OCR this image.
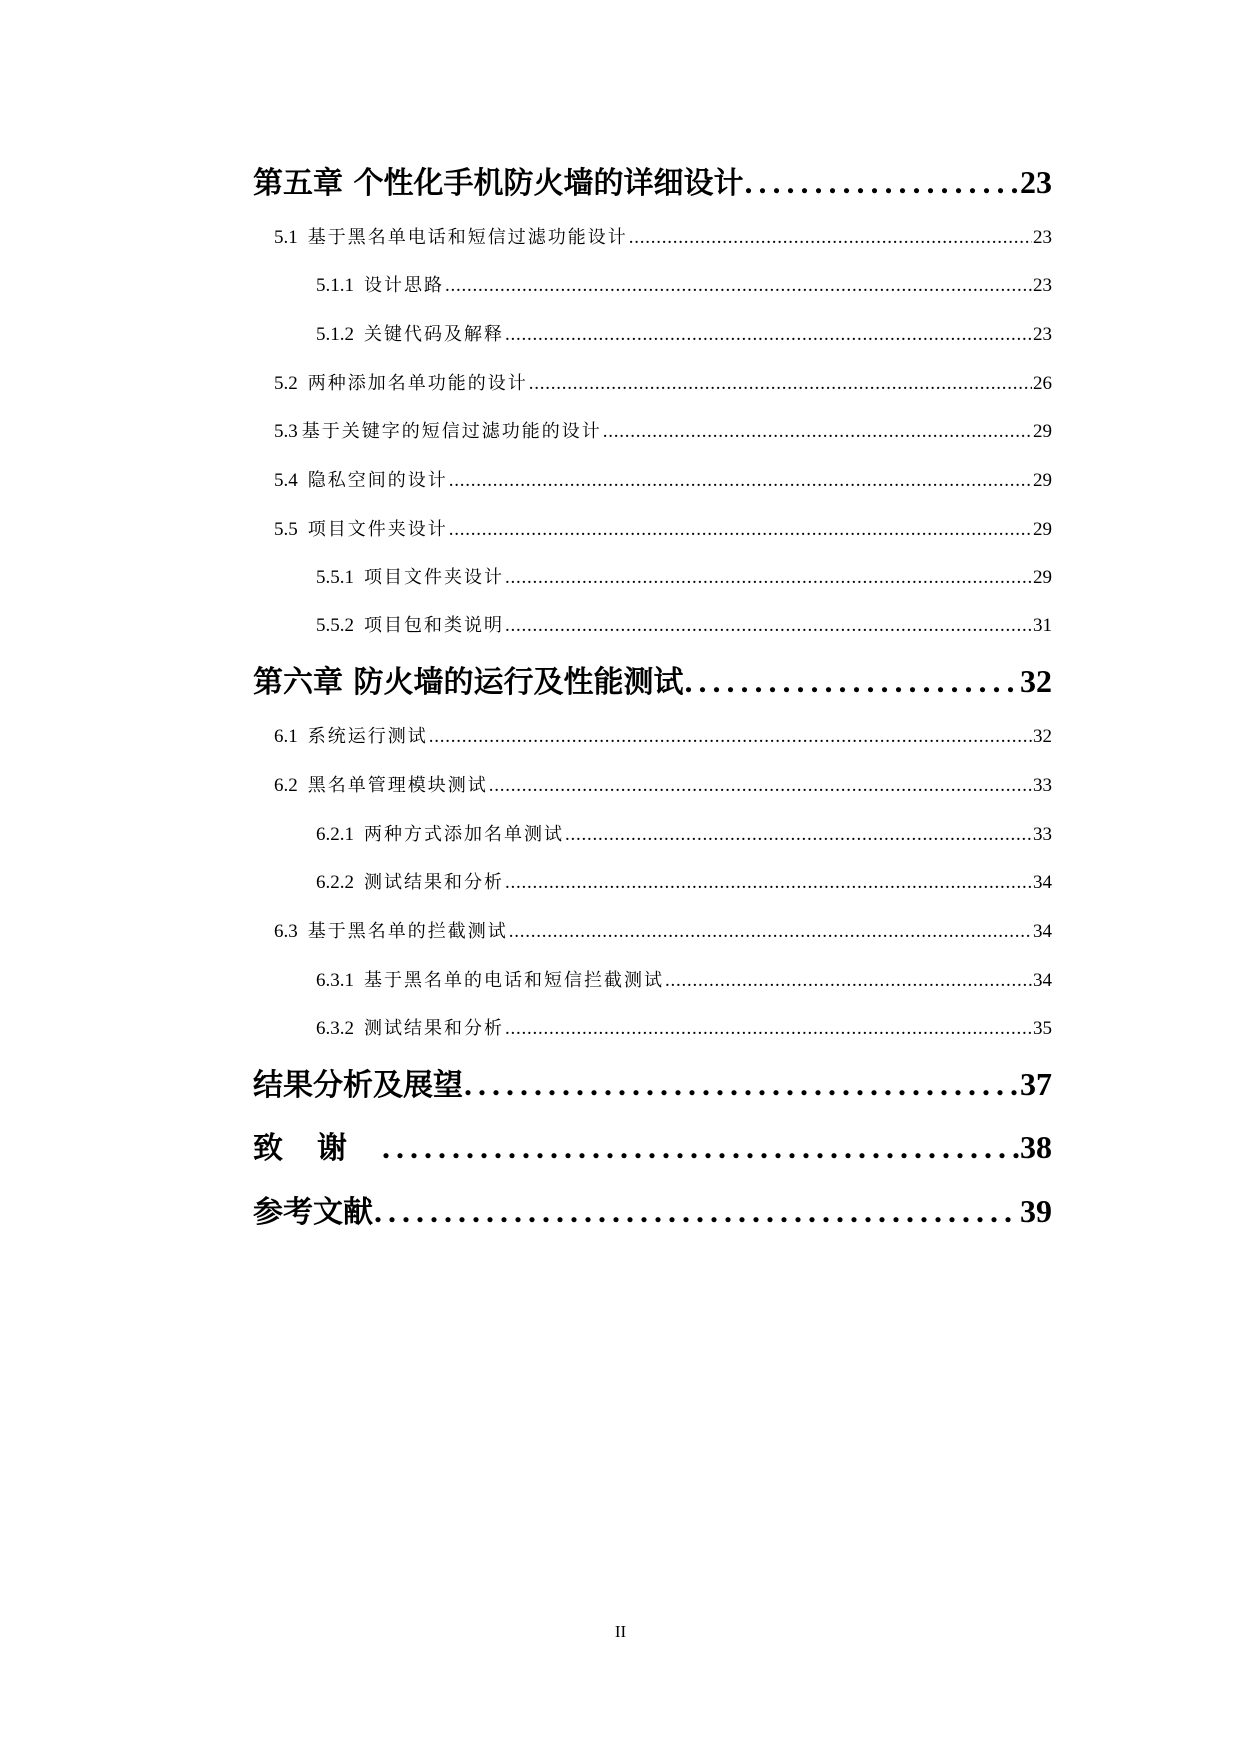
第五章 个性化手机防火墙的详细设计 . . .	23
5.1 基于黑名单电话和短信过滤功能设计 . . .	23
5.1.1 设计思路 . . .	23
5.1.2 关键代码及解释 . . .	23
5.2 两种添加名单功能的设计 . . .	26
5.3 基于关键字的短信过滤功能的设计 . . .	29
5.4 隐私空间的设计 . . .	29
5.5 项目文件夹设计 . . .	29
5.5.1 项目文件夹设计 . . .	29
5.5.2 项目包和类说明 . . .	31
第六章 防火墙的运行及性能测试 . . .	32
6.1 系统运行测试 . . .	32
6.2 黑名单管理模块测试 . . .	33
6.2.1 两种方式添加名单测试 . . .	33
6.2.2 测试结果和分析 . . .	34
6.3 基于黑名单的拦截测试 . . .	34
6.3.1 基于黑名单的电话和短信拦截测试 . . .	34
6.3.2 测试结果和分析 . . .	35
结果分析及展望 . . .	37
致谢 . . .	38
参考文献 . . .	39
II
